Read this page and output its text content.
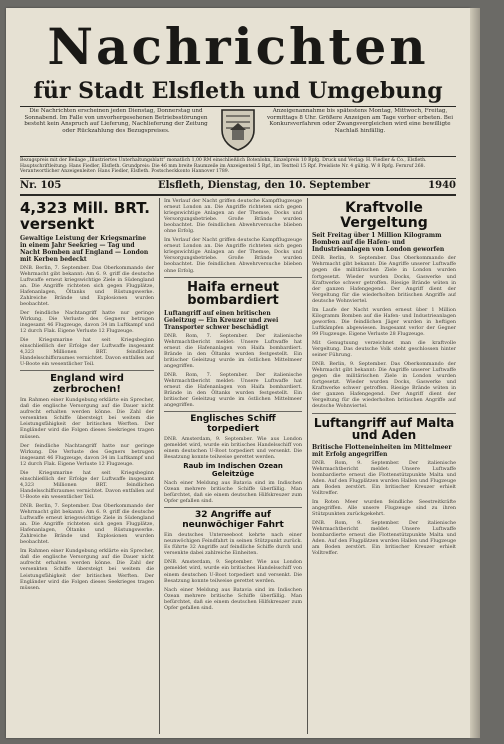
Nachrichten
für Stadt Elsfleth und Umgebung
Die Nachrichten erscheinen jeden Dienstag, Donnerstag und Sonnabend. Im Falle von unvorhergesehenen Betriebsstörungen besteht kein Anspruch auf Lieferung, Nachlieferung der Zeitung oder Rückzahlung des Bezugspreises.
Anzeigenannahme bis spätestens Montag, Mittwoch, Freitag, vormittags 8 Uhr. Größere Anzeigen am Tage vorher erbeten. Bei Konkursverfahren oder Zwangsvergleichen wird eine bewilligte Nachlaß hinfällig.
Bezugspreis mit der Beilage „Illustriertes Unterhaltungsblatt“ monatlich 1,00 RM einschließlich Botenlohn, Einzelpreis 10 Rpfg. Druck und Verlag: H. Fiedler & Co., Elsfleth. Hauptschriftleitung: Hans Fiedler, Elsfleth. Grundpreis: Die 46 mm breite Raumzeile im Anzeigenteil 5 Rpf., im Textteil 15 Rpf. Preisliste Nr. 4 gültig. W 8 Rpfg. Fernruf 268. Verantwortlicher Anzeigenleiter: Hans Fiedler, Elsfleth. Postscheckkonto Hannover 1789.
Nr. 105	Elsfleth, Dienstag, den 10. September	1940
4,323 Mill. BRT. versenkt
Gewaltige Leistung der Kriegsmarine in einem Jahr Seekrieg — Tag und Nacht Bomben auf England — London mit Kerben bedeckt

DNB. Berlin, 7. September. Das Oberkommando der Wehrmacht gibt bekannt: Am 6. 9. griff die deutsche Luftwaffe erneut kriegswichtige Ziele in Südengland an. Die Angriffe richteten sich gegen Flugplätze, Hafenanlagen, Öltanks und Rüstungswerke. Zahlreiche Brände und Explosionen wurden beobachtet.

Der feindliche Nachtangriff hatte nur geringe Wirkung. Die Verluste des Gegners betrugen insgesamt 46 Flugzeuge, davon 34 im Luftkampf und 12 durch Flak. Eigene Verluste 12 Flugzeuge.

Die Kriegsmarine hat seit Kriegsbeginn einschließlich der Erfolge der Luftwaffe insgesamt 4,323 Millionen BRT. feindlichen Handelsschiffsraumes vernichtet. Davon entfallen auf U-Boote ein wesentlicher Teil.

England wird zerbrochen!

Im Rahmen einer Kundgebung erklärte ein Sprecher, daß die englische Versorgung auf die Dauer nicht aufrecht erhalten werden könne. Die Zahl der versenkten Schiffe übersteigt bei weitem die Leistungsfähigkeit der britischen Werften. Der Engländer wird die Folgen dieses Seekrieges tragen müssen.

Der feindliche Nachtangriff hatte nur geringe Wirkung. Die Verluste des Gegners betrugen insgesamt 46 Flugzeuge, davon 34 im Luftkampf und 12 durch Flak. Eigene Verluste 12 Flugzeuge.

Die Kriegsmarine hat seit Kriegsbeginn einschließlich der Erfolge der Luftwaffe insgesamt 4,323 Millionen BRT. feindlichen Handelsschiffsraumes vernichtet. Davon entfallen auf U-Boote ein wesentlicher Teil.

DNB. Berlin, 7. September. Das Oberkommando der Wehrmacht gibt bekannt: Am 6. 9. griff die deutsche Luftwaffe erneut kriegswichtige Ziele in Südengland an. Die Angriffe richteten sich gegen Flugplätze, Hafenanlagen, Öltanks und Rüstungswerke. Zahlreiche Brände und Explosionen wurden beobachtet.

Im Rahmen einer Kundgebung erklärte ein Sprecher, daß die englische Versorgung auf die Dauer nicht aufrecht erhalten werden könne. Die Zahl der versenkten Schiffe übersteigt bei weitem die Leistungsfähigkeit der britischen Werften. Der Engländer wird die Folgen dieses Seekrieges tragen müssen.

Im Verlauf der Nacht griffen deutsche Kampfflugzeuge erneut London an. Die Angriffe richteten sich gegen kriegswichtige Anlagen an der Themse, Docks und Versorgungsbetriebe. Große Brände wurden beobachtet. Die feindlichen Abwehrversuche blieben ohne Erfolg.

Im Verlauf der Nacht griffen deutsche Kampfflugzeuge erneut London an. Die Angriffe richteten sich gegen kriegswichtige Anlagen an der Themse, Docks und Versorgungsbetriebe. Große Brände wurden beobachtet. Die feindlichen Abwehrversuche blieben ohne Erfolg.

Haifa erneut bombardiert
Luftangriff auf einen britischen Geleitzug — Ein Kreuzer und zwei Transporter schwer beschädigt

DNB. Rom, 7. September. Der italienische Wehrmachtbericht meldet: Unsere Luftwaffe hat erneut die Hafenanlagen von Haifa bombardiert. Brände in den Öltanks wurden festgestellt. Ein britischer Geleitzug wurde im östlichen Mittelmeer angegriffen.

DNB. Rom, 7. September. Der italienische Wehrmachtbericht meldet: Unsere Luftwaffe hat erneut die Hafenanlagen von Haifa bombardiert. Brände in den Öltanks wurden festgestellt. Ein britischer Geleitzug wurde im östlichen Mittelmeer angegriffen.

Englisches Schiff torpediert

DNB. Amsterdam, 9. September. Wie aus London gemeldet wird, wurde ein britisches Handelsschiff von einem deutschen U-Boot torpediert und versenkt. Die Besatzung konnte teilweise gerettet werden.

Raub im Indischen Ozean Geleitzüge

Nach einer Meldung aus Batavia sind im Indischen Ozean mehrere britische Schiffe überfällig. Man befürchtet, daß sie einem deutschen Hilfskreuzer zum Opfer gefallen sind.

32 Angriffe auf neunwöchiger Fahrt

Ein deutsches Unterseeboot kehrte nach einer neunwöchigen Feindfahrt in seinen Stützpunkt zurück. Es führte 32 Angriffe auf feindliche Schiffe durch und versenkte dabei zahlreiche Einheiten.

DNB. Amsterdam, 9. September. Wie aus London gemeldet wird, wurde ein britisches Handelsschiff von einem deutschen U-Boot torpediert und versenkt. Die Besatzung konnte teilweise gerettet werden.

Nach einer Meldung aus Batavia sind im Indischen Ozean mehrere britische Schiffe überfällig. Man befürchtet, daß sie einem deutschen Hilfskreuzer zum Opfer gefallen sind.

Kraftvolle Vergeltung
Seit Freitag über 1 Million Kilogramm Bomben auf die Hafen- und Industrieanlagen von London geworfen

DNB. Berlin, 9. September. Das Oberkommando der Wehrmacht gibt bekannt: Die Angriffe unserer Luftwaffe gegen die militärischen Ziele in London wurden fortgesetzt. Wieder wurden Docks, Gaswerke und Kraftwerke schwer getroffen. Riesige Brände wüten in der ganzen Hafengegend. Der Angriff dient der Vergeltung für die wiederholten britischen Angriffe auf deutsche Wohnviertel.

Im Laufe der Nacht wurden erneut über 1 Million Kilogramm Bomben auf die Hafen- und Industrieanlagen geworfen. Die feindlichen Jäger wurden in heftigen Luftkämpfen abgewiesen. Insgesamt verlor der Gegner 99 Flugzeuge. Eigene Verluste 28 Flugzeuge.

Mit Genugtuung verzeichnet man die kraftvolle Vergeltung. Das deutsche Volk steht geschlossen hinter seiner Führung.

DNB. Berlin, 9. September. Das Oberkommando der Wehrmacht gibt bekannt: Die Angriffe unserer Luftwaffe gegen die militärischen Ziele in London wurden fortgesetzt. Wieder wurden Docks, Gaswerke und Kraftwerke schwer getroffen. Riesige Brände wüten in der ganzen Hafengegend. Der Angriff dient der Vergeltung für die wiederholten britischen Angriffe auf deutsche Wohnviertel.

Luftangriff auf Malta und Aden
Britische Flotteneinheiten im Mittelmeer mit Erfolg angegriffen

DNB. Rom, 9. September. Der italienische Wehrmachtbericht meldet: Unsere Luftwaffe bombardierte erneut die Flottenstützpunkte Malta und Aden. Auf den Flugplätzen wurden Hallen und Flugzeuge am Boden zerstört. Ein britischer Kreuzer erhielt Volltreffer.

Im Roten Meer wurden feindliche Seestreitkräfte angegriffen. Alle unsere Flugzeuge sind zu ihren Stützpunkten zurückgekehrt.

DNB. Rom, 9. September. Der italienische Wehrmachtbericht meldet: Unsere Luftwaffe bombardierte erneut die Flottenstützpunkte Malta und Aden. Auf den Flugplätzen wurden Hallen und Flugzeuge am Boden zerstört. Ein britischer Kreuzer erhielt Volltreffer.
